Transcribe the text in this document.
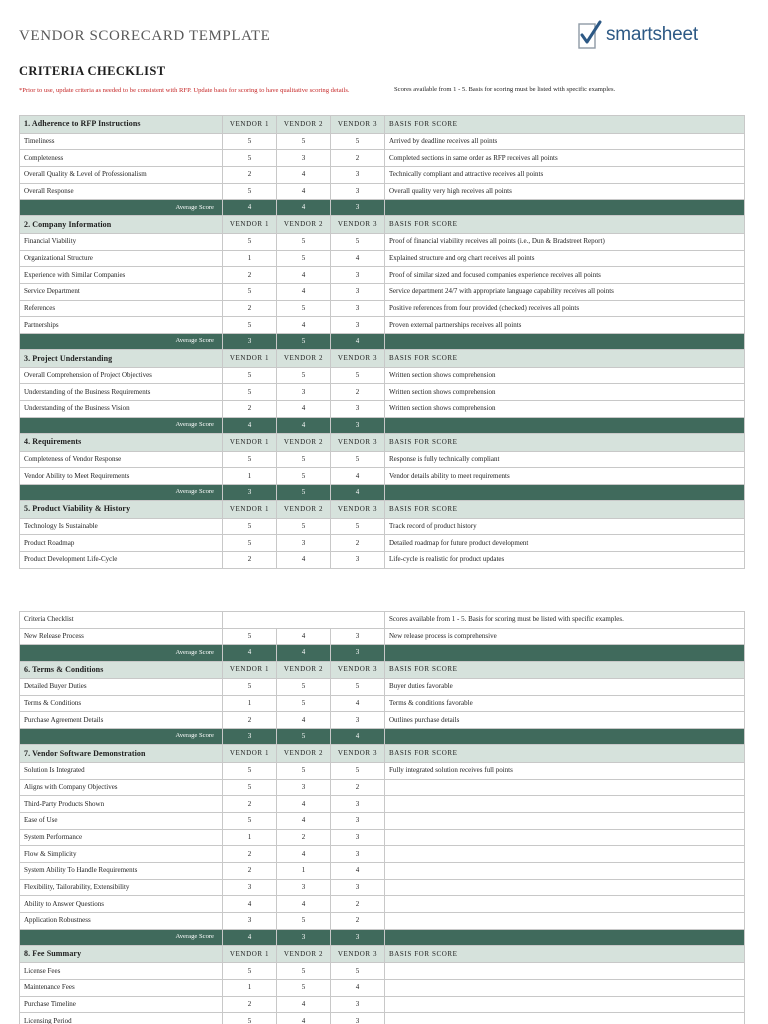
VENDOR SCORECARD TEMPLATE	smartsheet
CRITERIA CHECKLIST
*Prior to use, update criteria as needed to be consistent with RFP. Update basis for scoring to have qualitative scoring details.	Scores available from 1 - 5. Basis for scoring must be listed with specific examples.
1. Adherence to RFP Instructions	VENDOR 1	VENDOR 2	VENDOR 3	BASIS FOR SCORE
Timeliness	5	5	5	Arrived by deadline receives all points
Completeness	5	3	2	Completed sections in same order as RFP receives all points
Overall Quality & Level of Professionalism	2	4	3	Technically compliant and attractive receives all points
Overall Response	5	4	3	Overall quality very high receives all points
Average Score	4	4	3	
2. Company Information	VENDOR 1	VENDOR 2	VENDOR 3	BASIS FOR SCORE
Financial Viability	5	5	5	Proof of financial viability receives all points (i.e., Dun & Bradstreet Report)
Organizational Structure	1	5	4	Explained structure and org chart receives all points
Experience with Similar Companies	2	4	3	Proof of similar sized and focused companies experience receives all points
Service Department	5	4	3	Service department 24/7 with appropriate language capability receives all points
References	2	5	3	Positive references from four provided (checked) receives all points
Partnerships	5	4	3	Proven external partnerships receives all points
Average Score	3	5	4	
3. Project Understanding	VENDOR 1	VENDOR 2	VENDOR 3	BASIS FOR SCORE
Overall Comprehension of Project Objectives	5	5	5	Written section shows comprehension
Understanding of the Business Requirements	5	3	2	Written section shows comprehension
Understanding of the Business Vision	2	4	3	Written section shows comprehension
Average Score	4	4	3	
4. Requirements	VENDOR 1	VENDOR 2	VENDOR 3	BASIS FOR SCORE
Completeness of Vendor Response	5	5	5	Response is fully technically compliant
Vendor Ability to Meet Requirements	1	5	4	Vendor details ability to meet requirements
Average Score	3	5	4	
5. Product Viability & History	VENDOR 1	VENDOR 2	VENDOR 3	BASIS FOR SCORE
Technology Is Sustainable	5	5	5	Track record of product history
Product Roadmap	5	3	2	Detailed roadmap for future product development
Product Development Life-Cycle	2	4	3	Life-cycle is realistic for product updates
Criteria Checklist				Scores available from 1 - 5. Basis for scoring must be listed with specific examples.
New Release Process	5	4	3	New release process is comprehensive
Average Score	4	4	3	
6. Terms & Conditions	VENDOR 1	VENDOR 2	VENDOR 3	BASIS FOR SCORE
Detailed Buyer Duties	5	5	5	Buyer duties favorable
Terms & Conditions	1	5	4	Terms & conditions favorable
Purchase Agreement Details	2	4	3	Outlines purchase details
Average Score	3	5	4	
7. Vendor Software Demonstration	VENDOR 1	VENDOR 2	VENDOR 3	BASIS FOR SCORE
Solution Is Integrated	5	5	5	Fully integrated solution receives full points
Aligns with Company Objectives	5	3	2	
Third-Party Products Shown	2	4	3	
Ease of Use	5	4	3	
System Performance	1	2	3	
Flow & Simplicity	2	4	3	
System Ability To Handle Requirements	2	1	4	
Flexibility, Tailorability, Extensibility	3	3	3	
Ability to Answer Questions	4	4	2	
Application Robustness	3	5	2	
Average Score	4	3	3	
8. Fee Summary	VENDOR 1	VENDOR 2	VENDOR 3	BASIS FOR SCORE
License Fees	5	5	5	
Maintenance Fees	1	5	4	
Purchase Timeline	2	4	3	
Licensing Period	5	4	3	
